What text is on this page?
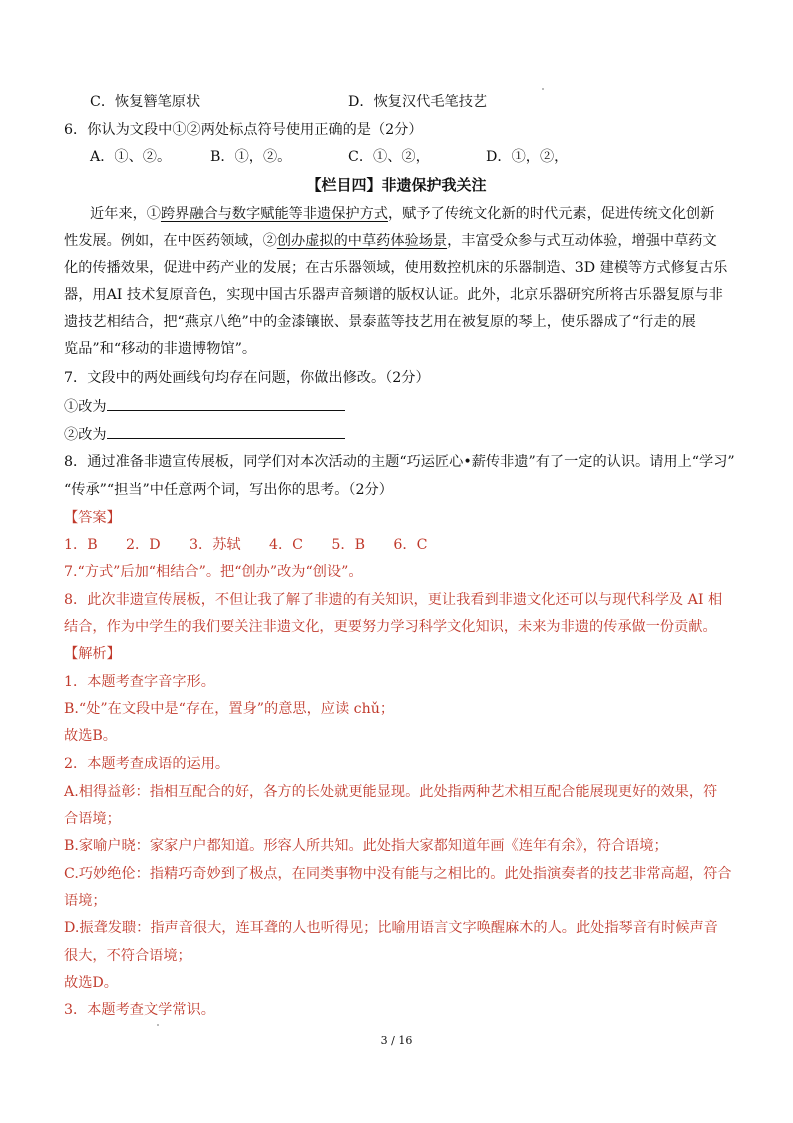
C．恢复簪笔原状	D．恢复汉代毛笔技艺
6．你认为文段中①②两处标点符号使用正确的是（2分）
A．①、②。	B．①，②。	C．①、②，	D．①，②，
【栏目四】非遗保护我关注
近年来，①跨界融合与数字赋能等非遗保护方式，赋予了传统文化新的时代元素，促进传统文化创新
性发展。例如，在中医药领域，②创办虚拟的中草药体验场景，丰富受众参与式互动体验，增强中草药文
化的传播效果，促进中药产业的发展；在古乐器领域，使用数控机床的乐器制造、3D 建模等方式修复古乐
器，用AI 技术复原音色，实现中国古乐器声音频谱的版权认证。此外，北京乐器研究所将古乐器复原与非
遗技艺相结合，把“燕京八绝”中的金漆镶嵌、景泰蓝等技艺用在被复原的琴上，使乐器成了“行走的展
览品”和“移动的非遗博物馆”。
7．文段中的两处画线句均存在问题，你做出修改。（2分）
①改为
②改为
8．通过准备非遗宣传展板，同学们对本次活动的主题“巧运匠心•薪传非遗”有了一定的认识。请用上“学习”
“传承”“担当”中任意两个词，写出你的思考。（2分）
【答案】
1．B　　2．D　　3．苏轼　　4．C　　5．B　　6．C
7.“方式”后加“相结合”。把“创办”改为“创设”。
8．此次非遗宣传展板，不但让我了解了非遗的有关知识，更让我看到非遗文化还可以与现代科学及 AI 相
结合，作为中学生的我们要关注非遗文化，更要努力学习科学文化知识，未来为非遗的传承做一份贡献。
【解析】
1．本题考查字音字形。
B.“处”在文段中是“存在，置身”的意思，应读 chǔ；
故选B。
2．本题考查成语的运用。
A.相得益彰：指相互配合的好，各方的长处就更能显现。此处指两种艺术相互配合能展现更好的效果，符
合语境；
B.家喻户晓：家家户户都知道。形容人所共知。此处指大家都知道年画《连年有余》，符合语境；
C.巧妙绝伦：指精巧奇妙到了极点，在同类事物中没有能与之相比的。此处指演奏者的技艺非常高超，符合
语境；
D.振聋发聩：指声音很大，连耳聋的人也听得见；比喻用语言文字唤醒麻木的人。此处指琴音有时候声音
很大，不符合语境；
故选D。
3．本题考查文学常识。
3 / 16
